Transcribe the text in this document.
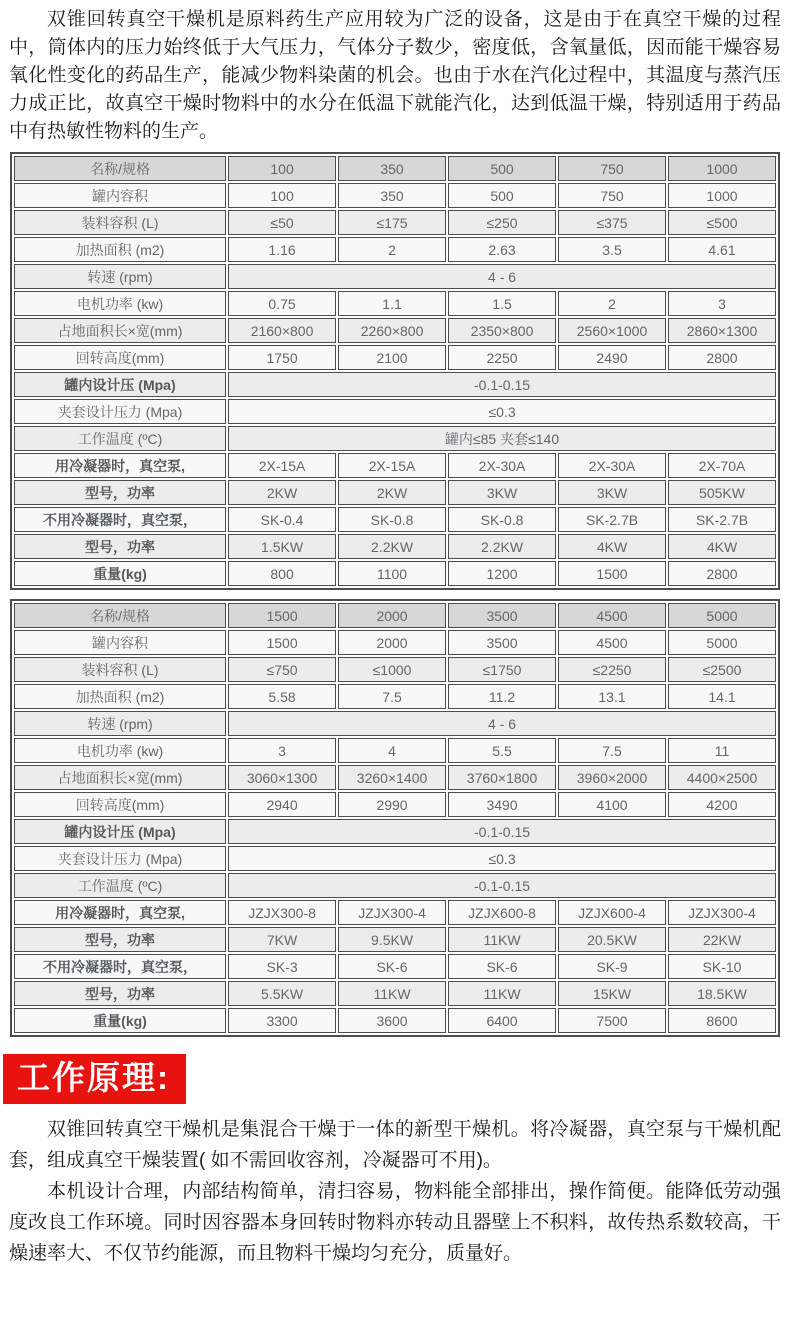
双锥回转真空干燥机是原料药生产应用较为广泛的设备，这是由于在真空干燥的过程中，筒体内的压力始终低于大气压力，气体分子数少，密度低，含氧量低，因而能干燥容易氧化性变化的药品生产，能减少物料染菌的机会。也由于水在汽化过程中，其温度与蒸汽压力成正比，故真空干燥时物料中的水分在低温下就能汽化，达到低温干燥，特别适用于药品中有热敏性物料的生产。

名称/规格	100	350	500	750	1000
罐内容积	100	350	500	750	1000
装料容积 (L)	≤50	≤175	≤250	≤375	≤500
加热面积 (m2)	1.16	2	2.63	3.5	4.61
转速 (rpm)	4 - 6				
电机功率 (kw)	0.75	1.1	1.5	2	3
占地面积长×宽(mm)	2160×800	2260×800	2350×800	2560×1000	2860×1300
回转高度(mm)	1750	2100	2250	2490	2800
罐内设计压 (Mpa)	-0.1-0.15				
夹套设计压力 (Mpa)	≤0.3				
工作温度 (ºC)	罐内≤85 夹套≤140				
用冷凝器时，真空泵,	2X-15A	2X-15A	2X-30A	2X-30A	2X-70A
型号，功率	2KW	2KW	3KW	3KW	505KW
不用冷凝器时，真空泵，	SK-0.4	SK-0.8	SK-0.8	SK-2.7B	SK-2.7B
型号，功率	1.5KW	2.2KW	2.2KW	4KW	4KW
重量(kg)	800	1100	1200	1500	2800
名称/规格	1500	2000	3500	4500	5000
罐内容积	1500	2000	3500	4500	5000
装料容积 (L)	≤750	≤1000	≤1750	≤2250	≤2500
加热面积 (m2)	5.58	7.5	11.2	13.1	14.1
转速 (rpm)	4 - 6				
电机功率 (kw)	3	4	5.5	7.5	11
占地面积长×宽(mm)	3060×1300	3260×1400	3760×1800	3960×2000	4400×2500
回转高度(mm)	2940	2990	3490	4100	4200
罐内设计压 (Mpa)	-0.1-0.15				
夹套设计压力 (Mpa)	≤0.3				
工作温度 (ºC)	-0.1-0.15				
用冷凝器时，真空泵,	JZJX300-8	JZJX300-4	JZJX600-8	JZJX600-4	JZJX300-4
型号，功率	7KW	9.5KW	11KW	20.5KW	22KW
不用冷凝器时，真空泵，	SK-3	SK-6	SK-6	SK-9	SK-10
型号，功率	5.5KW	11KW	11KW	15KW	18.5KW
重量(kg)	3300	3600	6400	7500	8600
工作原理:

双锥回转真空干燥机是集混合干燥于一体的新型干燥机。将冷凝器，真空泵与干燥机配套，组成真空干燥装置( 如不需回收容剂，冷凝器可不用)。

本机设计合理，内部结构简单，清扫容易，物料能全部排出，操作简便。能降低劳动强度改良工作环境。同时因容器本身回转时物料亦转动且器壁上不积料，故传热系数较高，干燥速率大、不仅节约能源，而且物料干燥均匀充分，质量好。
